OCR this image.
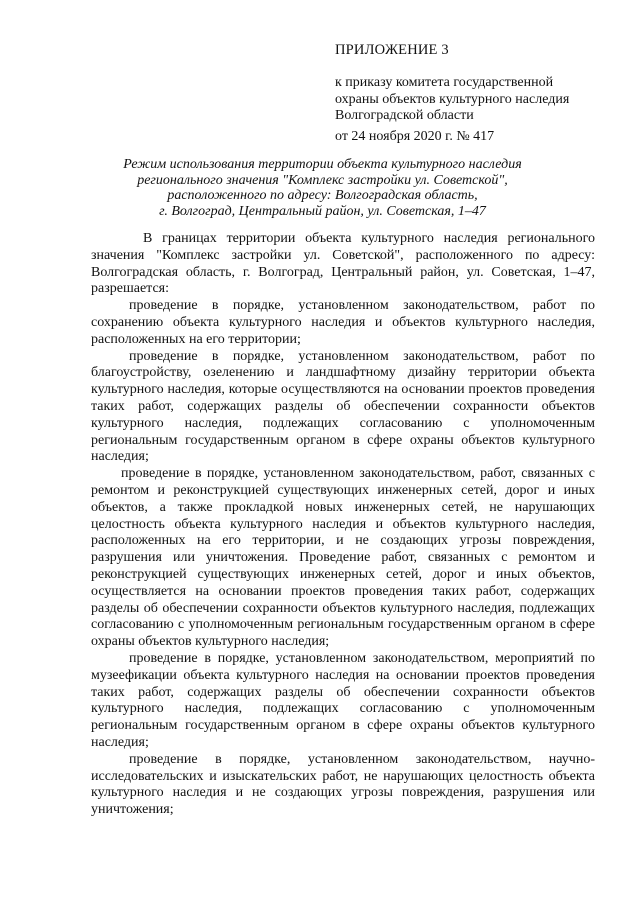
ПРИЛОЖЕНИЕ 3
к приказу комитета государственной
охраны объектов культурного наследия
Волгоградской области
от 24 ноября 2020 г. № 417
Режим использования территории объекта культурного наследия
регионального значения "Комплекс застройки ул. Советской",
расположенного по адресу: Волгоградская область,
г. Волгоград, Центральный район, ул. Советская, 1–47

В границах территории объекта культурного наследия регионального значения "Комплекс застройки ул. Советской", расположенного по адресу: Волгоградская область, г. Волгоград, Центральный район, ул. Советская, 1–47, разрешается:

проведение в порядке, установленном законодательством, работ по сохранению объекта культурного наследия и объектов культурного наследия, расположенных на его территории;

проведение в порядке, установленном законодательством, работ по благоустройству, озеленению и ландшафтному дизайну территории объекта культурного наследия, которые осуществляются на основании проектов проведения таких работ, содержащих разделы об обеспечении сохранности объектов культурного наследия, подлежащих согласованию с уполномоченным региональным государственным органом в сфере охраны объектов культурного наследия;

проведение в порядке, установленном законодательством, работ, связанных с ремонтом и реконструкцией существующих инженерных сетей, дорог и иных объектов, а также прокладкой новых инженерных сетей, не нарушающих целостность объекта культурного наследия и объектов культурного наследия, расположенных на его территории, и не создающих угрозы повреждения, разрушения или уничтожения. Проведение работ, связанных с ремонтом и реконструкцией существующих инженерных сетей, дорог и иных объектов, осуществляется на основании проектов проведения таких работ, содержащих разделы об обеспечении сохранности объектов культурного наследия, подлежащих согласованию с уполномоченным региональным государственным органом в сфере охраны объектов культурного наследия;

проведение в порядке, установленном законодательством, мероприятий по музеефикации объекта культурного наследия на основании проектов проведения таких работ, содержащих разделы об обеспечении сохранности объектов культурного наследия, подлежащих согласованию с уполномоченным региональным государственным органом в сфере охраны объектов культурного наследия;

проведение в порядке, установленном законодательством, научно-исследовательских и изыскательских работ, не нарушающих целостность объекта культурного наследия и не создающих угрозы повреждения, разрушения или уничтожения;
